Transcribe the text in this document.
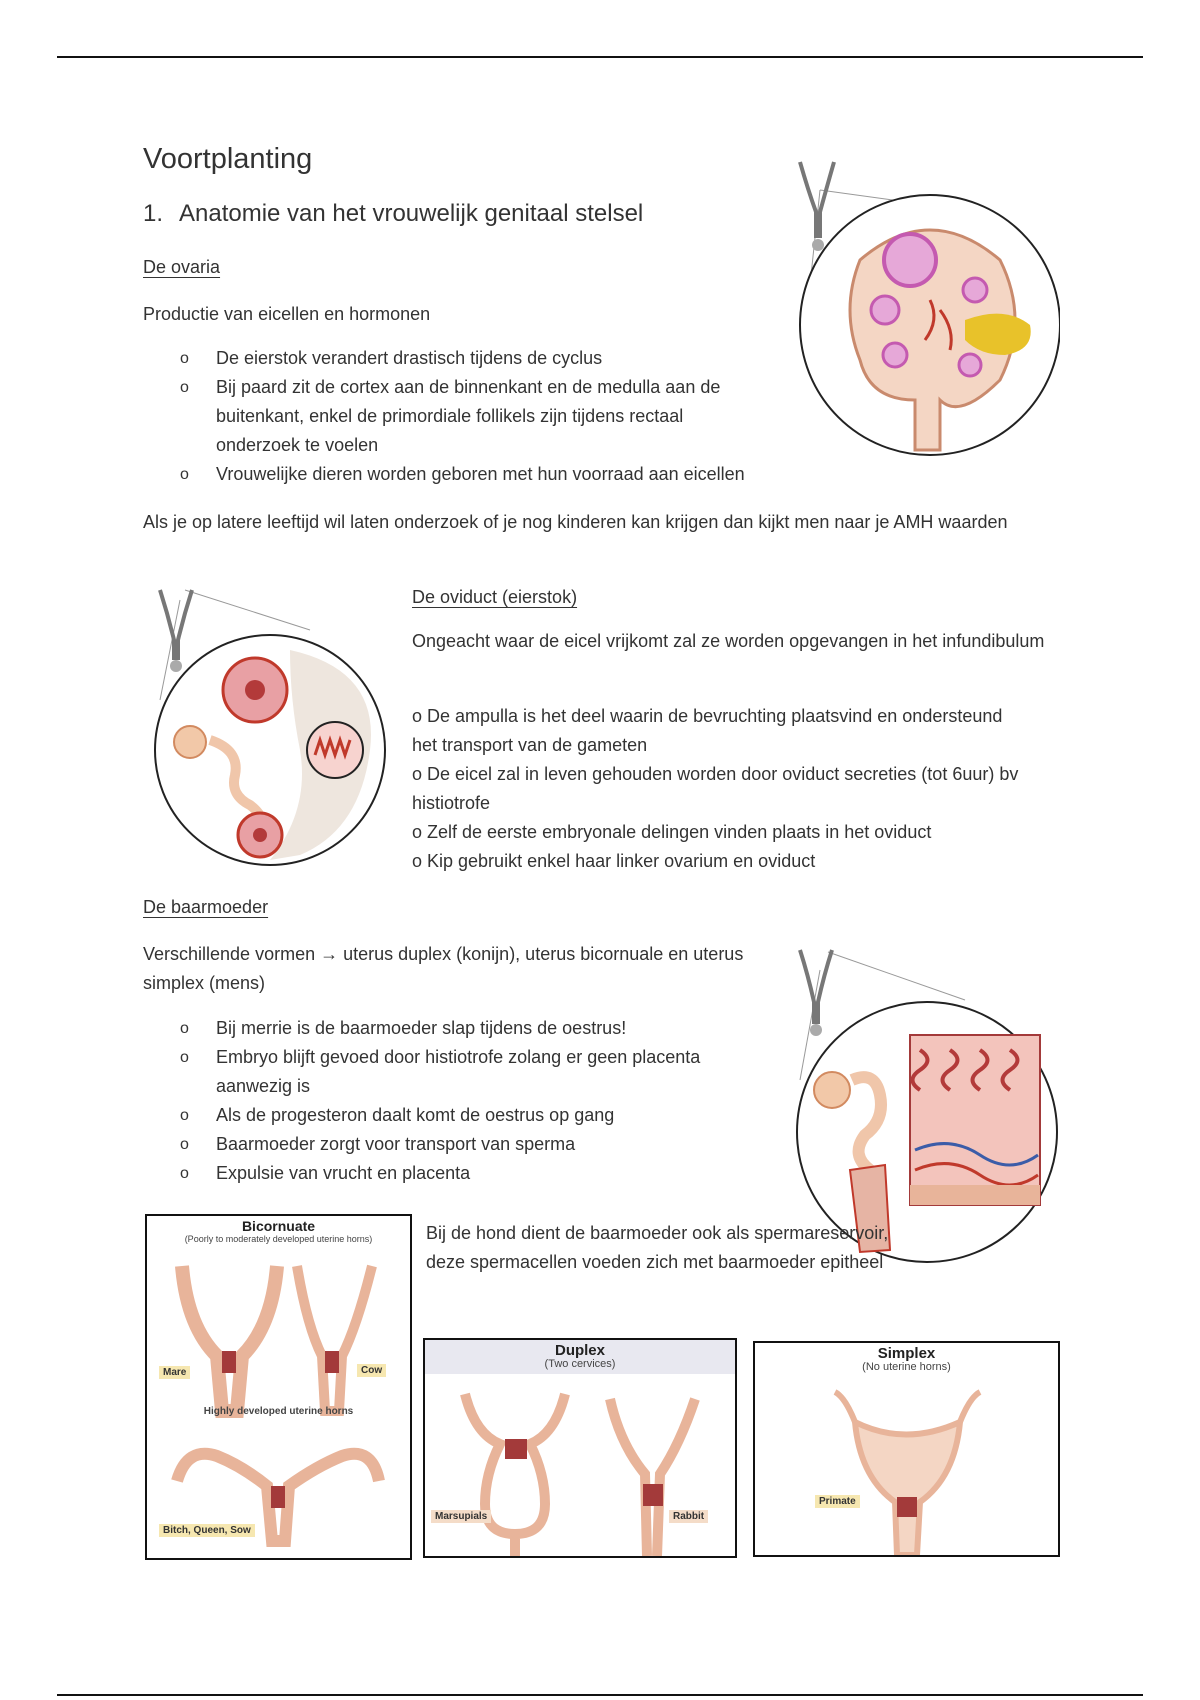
Voortplanting
1. Anatomie van het vrouwelijk genitaal stelsel
De ovaria
Productie van eicellen en hormonen
o De eierstok verandert drastisch tijdens de cyclus
o Bij paard zit de cortex aan de binnenkant en de medulla aan de buitenkant, enkel de primordiale follikels zijn tijdens rectaal onderzoek te voelen
o Vrouwelijke dieren worden geboren met hun voorraad aan eicellen
Als je op latere leeftijd wil laten onderzoek of je nog kinderen kan krijgen dan kijkt men naar je AMH waarden
De oviduct (eierstok)
Ongeacht waar de eicel vrijkomt zal ze worden opgevangen in het infundibulum
o De ampulla is het deel waarin de bevruchting plaatsvind en ondersteund het transport van de gameten
o De eicel zal in leven gehouden worden door oviduct secreties (tot 6uur) bv histiotrofe
o Zelf de eerste embryonale delingen vinden plaats in het oviduct
o Kip gebruikt enkel haar linker ovarium en oviduct
De baarmoeder
Verschillende vormen → uterus duplex (konijn), uterus bicornuale en uterus simplex (mens)
o Bij merrie is de baarmoeder slap tijdens de oestrus!
o Embryo blijft gevoed door histiotrofe zolang er geen placenta aanwezig is
o Als de progesteron daalt komt de oestrus op gang
o Baarmoeder zorgt voor transport van sperma
o Expulsie van vrucht en placenta
Bicornuate
(Poorly to moderately developed uterine horns)
Mare	Cow
Highly developed uterine horns
Bitch, Queen, Sow
Bij de hond dient de baarmoeder ook als spermareservoir, deze spermacellen voeden zich met baarmoeder epitheel
Duplex
(Two cervices)
Marsupials	Rabbit
Simplex
(No uterine horns)
Primate
